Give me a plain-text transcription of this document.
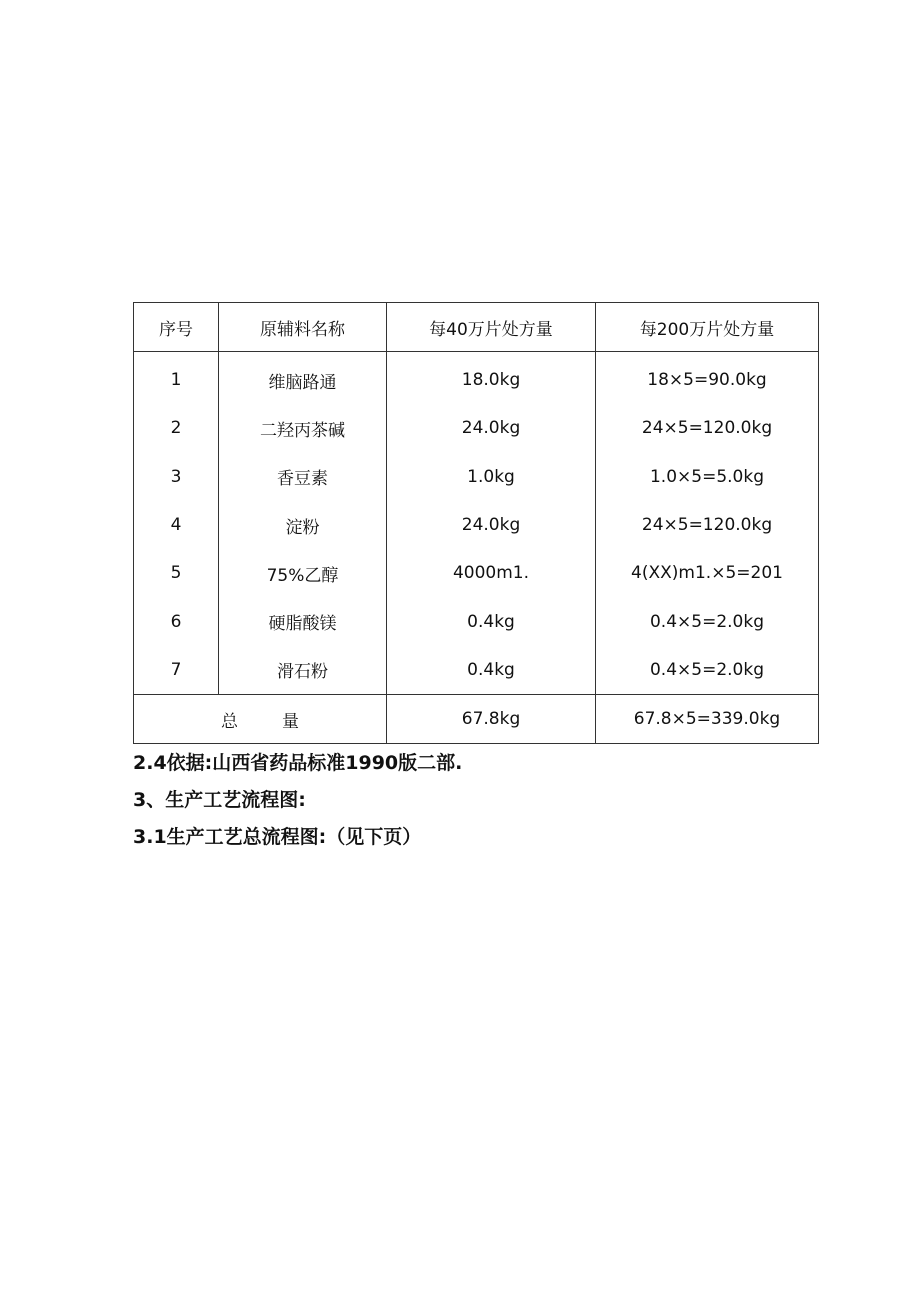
序号	原辅料名称	每40万片处方量	每200万片处方量
1	维脑路通	18.0kg	18×5=90.0kg
2	二羟丙茶碱	24.0kg	24×5=120.0kg
3	香豆素	1.0kg	1.0×5=5.0kg
4	淀粉	24.0kg	24×5=120.0kg
5	75%乙醇	4000m1.	4(XX)m1.×5=201
6	硬脂酸镁	0.4kg	0.4×5=2.0kg
7	滑石粉	0.4kg	0.4×5=2.0kg
总 量		67.8kg	67.8×5=339.0kg
2.4依据:山西省药品标准1990版二部.
3、生产工艺流程图:
3.1生产工艺总流程图:（见下页）
